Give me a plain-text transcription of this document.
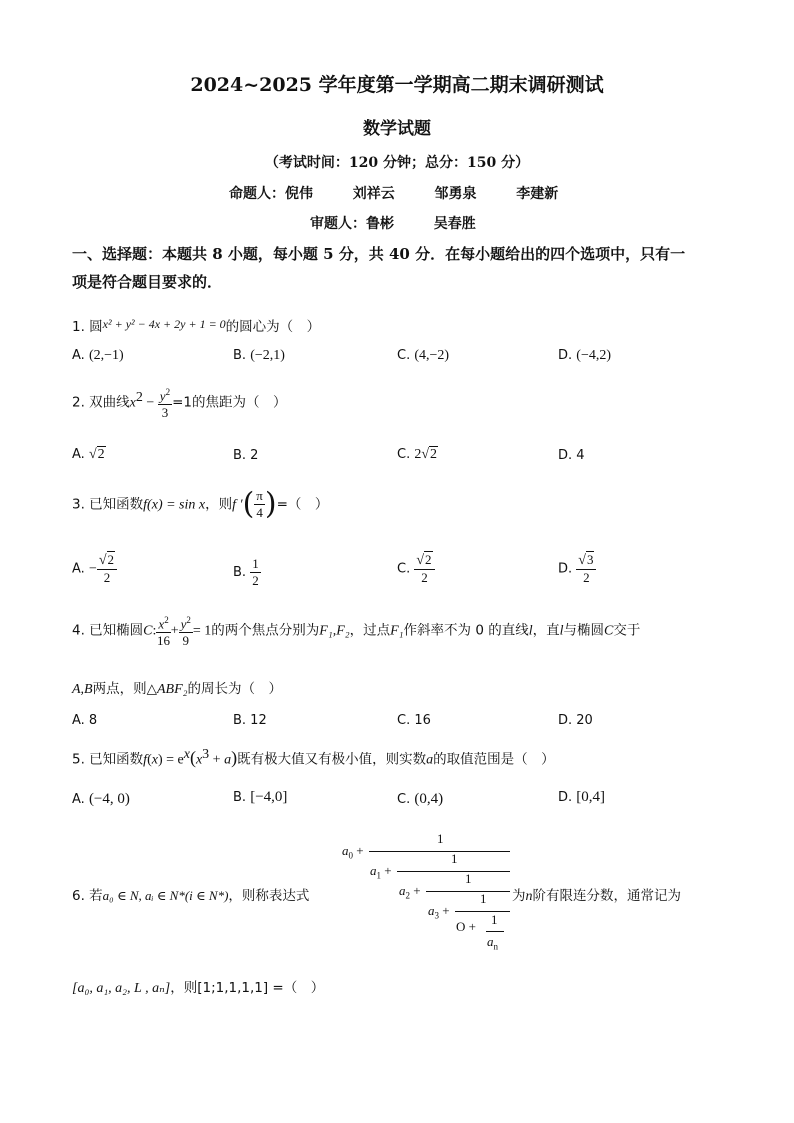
2024~2025 学年度第一学期高二期末调研测试
数学试题
（考试时间：120 分钟；总分：150 分）
命题人：倪伟	刘祥云	邹勇泉	李建新
审题人：鲁彬	吴春胜
一、选择题：本题共 8 小题，每小题 5 分，共 40 分．在每小题给出的四个选项中，只有一
项是符合题目要求的．
1. 圆x² + y² − 4x + 2y + 1 = 0的圆心为（　）
A. (2,−1)	B. (−2,1)	C. (4,−2)	D. (−4,2)
2. 双曲线$x^2 - \frac{y^2}{3} =1$的焦距为（　）
A. √2	B. 2	C. 2√2	D. 4
3. 已知函数f(x) = sin x，则f ′( $\frac{\pi}{4}$ )=（　）
A. − $\frac{√2}{2}$	B. $\frac{1}{2}$	C. $\frac{√2}{2}$	D. $\frac{√3}{2}$
4. 已知椭圆C: $\frac{x^2}{16} + \frac{y^2}{9} = 1$的两个焦点分别为F₁,F₂，过点F₁作斜率不为 0 的直线l，直l与椭圆C交于
A,B两点，则△ABF₂的周长为（　）
A. 8	B. 12	C. 16	D. 20
5. 已知函数$f(x) = e^x(x^3 + a)$既有极大值又有极小值，则实数a的取值范围是（　）
A. (−4, 0)	B. [−4,0]	C. (0,4)	D. [0,4]
6. 若a₀ ∈ N, aᵢ ∈ N*(i ∈ N*)，则称表达式
$a_0$ +
1
$a_1$ +
1
$a_2$ +
1
$a_3$ +
1
O + 1
$a_n$
为n阶有限连分数，通常记为
[a₀, a₁, a₂, L , aₙ]，则[1;1,1,1,1] =（　）
